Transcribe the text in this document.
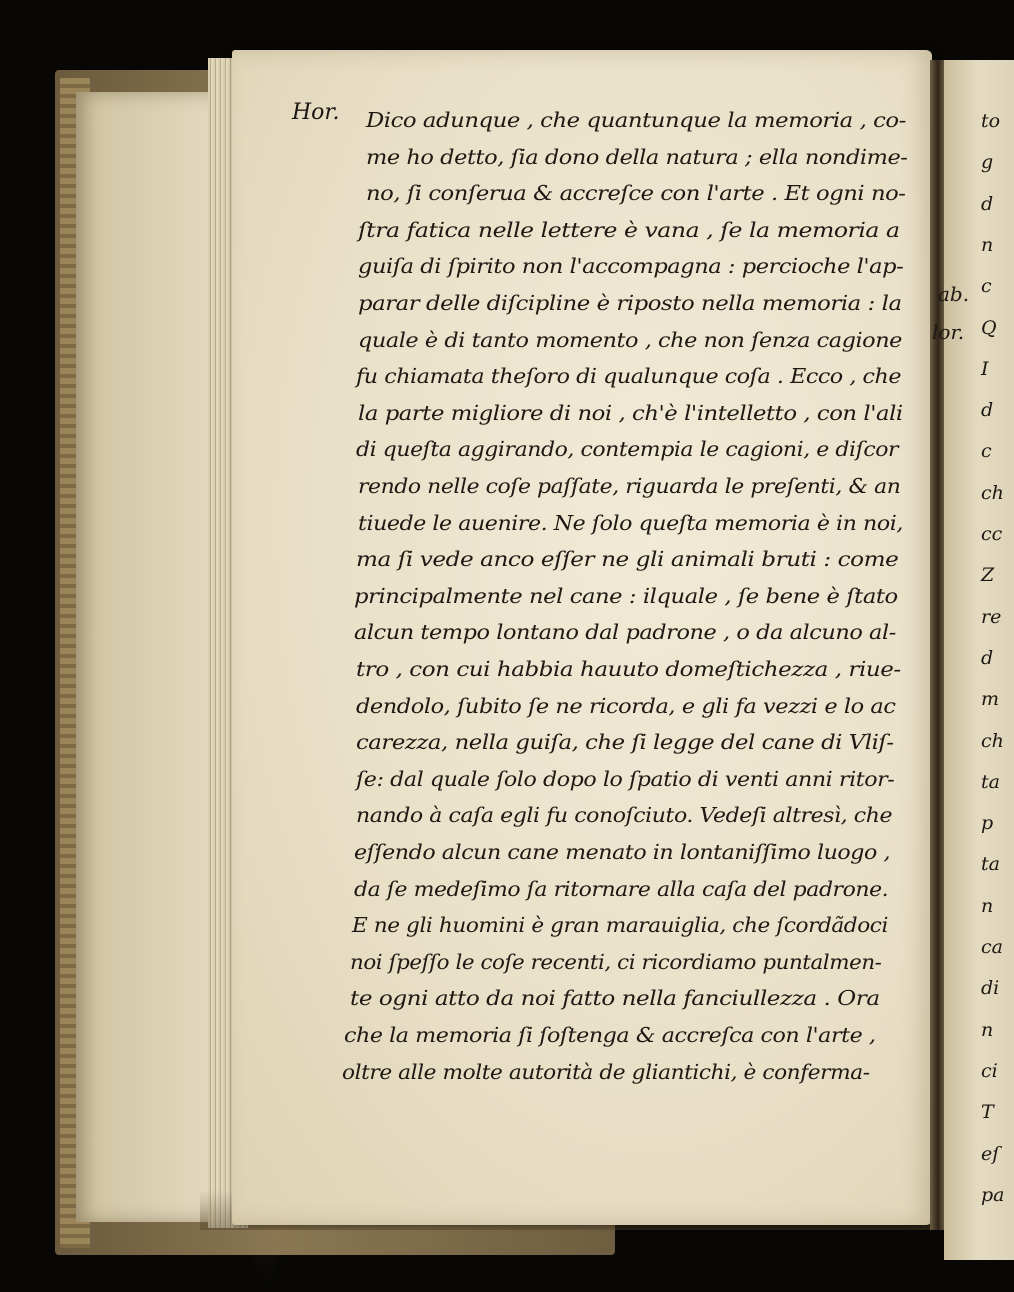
Hor. Dico adunque , che quantunque la memoria , co-
me ho detto, ſia dono della natura ; ella nondime-
no, ſi conſerua & accreſce con l'arte . Et ogni no-
ſtra fatica nelle lettere è vana , ſe la memoria a
guiſa di ſpirito non l'accompagna : percioche l'ap-
parar delle diſcipline è riposto nella memoria : la
quale è di tanto momento , che non ſenza cagione
fu chiamata theſoro di qualunque coſa . Ecco , che
la parte migliore di noi , ch'è l'intelletto , con l'ali
di queſta aggirando, contempia le cagioni, e diſcor
rendo nelle coſe paſſate, riguarda le preſenti, & an
tiuede le auenire. Ne ſolo queſta memoria è in noi,
ma ſi vede anco eſſer ne gli animali bruti : come
principalmente nel cane : ilquale , ſe bene è ſtato
alcun tempo lontano dal padrone , o da alcuno al-
tro , con cui habbia hauuto domeſtichezza , riue-
dendolo, ſubito ſe ne ricorda, e gli fa vezzi e lo ac
carezza, nella guiſa, che ſi legge del cane di Vliſ-
ſe: dal quale ſolo dopo lo ſpatio di venti anni ritor-
nando à caſa egli fu conoſciuto. Vedeſi altresì, che
eſſendo alcun cane menato in lontaniſſimo luogo ,
da ſe medeſimo ſa ritornare alla caſa del padrone.
E ne gli huomini è gran marauiglia, che ſcordãdoci
noi ſpeſſo le coſe recenti, ci ricordiamo puntalmen-
te ogni atto da noi fatto nella fanciullezza . Ora
che la memoria ſi ſoſtenga & accreſca con l'arte ,
oltre alle molte autorità de gliantichi, è conferma-
ab.
lor.
to
g
d
n
c
Q
I
d
c
ch
cc
Z
re
d
m
ch
ta
p
ta
n
ca
di
n
ci
T
eſ
pa
